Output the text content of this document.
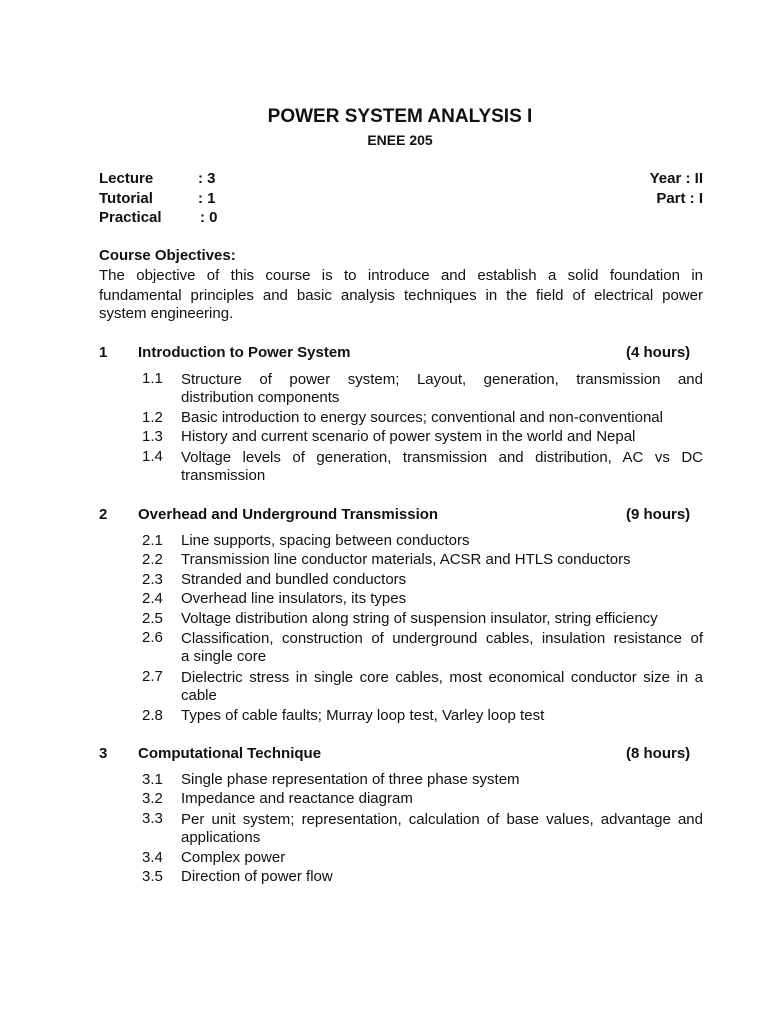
POWER SYSTEM ANALYSIS I
ENEE 205
Lecture	: 3
Tutorial	: 1
Practical	: 0
Year : II
Part : I
Course Objectives:
The objective of this course is to introduce and establish a solid foundation in
fundamental principles and basic analysis techniques in the field of electrical power
system engineering.
1 Introduction to Power System	(4 hours)
1.1 Structure of power system; Layout, generation, transmission and
distribution components
1.2 Basic introduction to energy sources; conventional and non-conventional
1.3 History and current scenario of power system in the world and Nepal
1.4 Voltage levels of generation, transmission and distribution, AC vs DC
transmission
2 Overhead and Underground Transmission	(9 hours)
2.1 Line supports, spacing between conductors
2.2 Transmission line conductor materials, ACSR and HTLS conductors
2.3 Stranded and bundled conductors
2.4 Overhead line insulators, its types
2.5 Voltage distribution along string of suspension insulator, string efficiency
2.6 Classification, construction of underground cables, insulation resistance of
a single core
2.7 Dielectric stress in single core cables, most economical conductor size in a
cable
2.8 Types of cable faults; Murray loop test, Varley loop test
3 Computational Technique	(8 hours)
3.1 Single phase representation of three phase system
3.2 Impedance and reactance diagram
3.3 Per unit system; representation, calculation of base values, advantage and
applications
3.4 Complex power
3.5 Direction of power flow
